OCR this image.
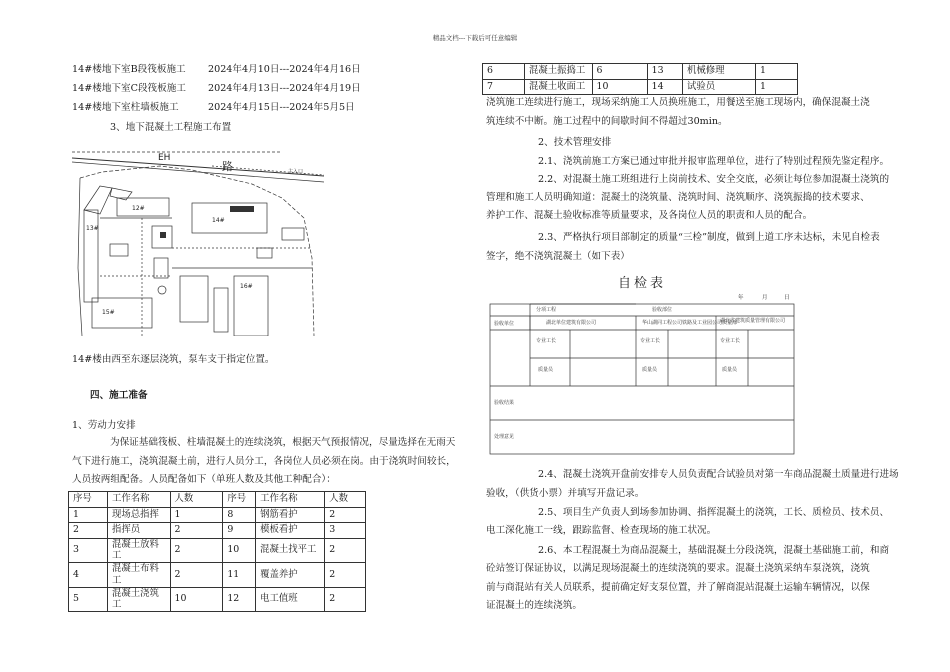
精品文档---下载后可任意编辑
14#楼地下室B段筏板施工 2024年4月10日---2024年4月16日
14#楼地下室C段筏板施工 2024年4月13日---2024年4月19日
14#楼地下室柱墙板施工	2024年4月15日---2024年5月5日
3、地下混凝土工程施工布置
EH
路	主入口
13#
12#
14#
15#
16#
14#楼由西至东逐层浇筑，泵车支于指定位置。
四、施工准备
1、劳动力安排
为保证基础筏板、柱墙混凝土的连续浇筑，根据天气预报情况，尽量选择在无雨天
气下进行施工，浇筑混凝土前，进行人员分工，各岗位人员必须在岗。由于浇筑时间较长，
人员按两组配备。人员配备如下（单班人数及其他工种配合）：
序号	工作名称	人数	序号	工作名称	人数
1	现场总指挥	1	8	钢筋看护	2
2	指挥员	2	9	模板看护	3
3	混凝土放料工	2	10	混凝土找平工	2
4	混凝土布料工	2	11	覆盖养护	2
5	混凝土浇筑工	10	12	电工值班	2
6	混凝土振捣工	6	13	机械修理	1
7	混凝土收面工	10	14	试验员	1
浇筑施工连续进行施工，现场采纳施工人员换班施工，用餐送至施工现场内，确保混凝土浇
筑连续不中断。施工过程中的间歇时间不得超过30min。
2、技术管理安排
2.1、浇筑前施工方案已通过审批并报审监理单位，进行了特别过程预先鉴定程序。
2.2、对混凝土施工班组进行上岗前技术、安全交底，必须让每位参加混凝土浇筑的
管理和施工人员明确知道：混凝土的浇筑量、浇筑时间、浇筑顺序、浇筑振捣的技术要求、
养护工作、混凝土验收标准等质量要求，及各岗位人员的职责和人员的配合。
2.3、严格执行项目部制定的质量“三检”制度，做到上道工序未达标，未见自检表
签字，绝不浇筑混凝土（如下表）
自检表
年	月	日
分项工程	验收部位
验收单位	湖北单位建筑有限公司	华山湖同工程公司铁路及工业园公司质量部
湖北省建筑质量管理有限公司
专业工长	专业工长	专业工长
质量员	质量员	质量员
验收结果
处理意见
2.4、混凝土浇筑开盘前安排专人员负责配合试验员对第一车商品混凝土质量进行进场
验收，（供货小票）并填写开盘记录。
2.5、项目生产负责人到场参加协调、指挥混凝土的浇筑，工长、质检员、技术员、
电工深化施工一线，跟踪监督、检查现场的施工状况。
2.6、本工程混凝土为商品混凝土，基础混凝土分段浇筑，混凝土基础施工前，和商
砼站签订保证协议，以满足现场混凝土的连续浇筑的要求。混凝土浇筑采纳车泵浇筑，浇筑
前与商混站有关人员联系，提前确定好支泵位置，并了解商混站混凝土运输车辆情况，以保
证混凝土的连续浇筑。
